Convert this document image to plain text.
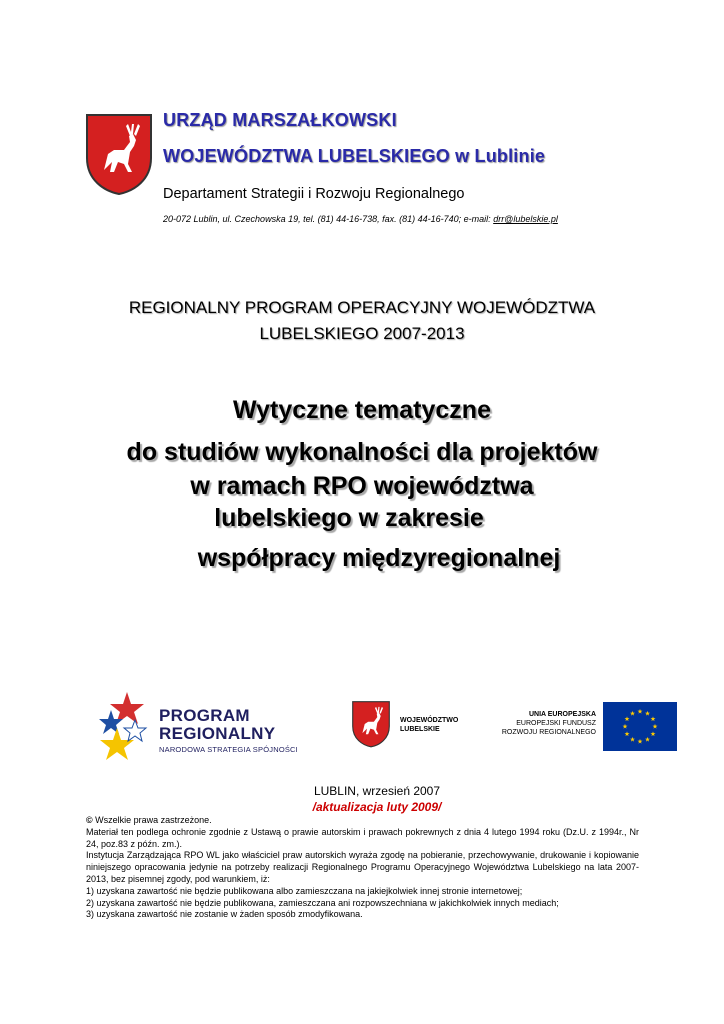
URZĄD MARSZAŁKOWSKI
WOJEWÓDZTWA LUBELSKIEGO w Lublinie
Departament Strategii i Rozwoju Regionalnego
20-072 Lublin, ul. Czechowska 19, tel. (81) 44-16-738, fax. (81) 44-16-740; e-mail: drr@lubelskie.pl
REGIONALNY PROGRAM OPERACYJNY WOJEWÓDZTWA
LUBELSKIEGO 2007-2013
Wytyczne tematyczne
do studiów wykonalności dla projektów
w ramach RPO województwa
lubelskiego w zakresie
współpracy międzyregionalnej
PROGRAM
REGIONALNY
NARODOWA STRATEGIA SPÓJNOŚCI
WOJEWÓDZTWO
LUBELSKIE
UNIA EUROPEJSKA
EUROPEJSKI FUNDUSZ
ROZWOJU REGIONALNEGO
LUBLIN, wrzesień 2007
/aktualizacja luty 2009/

© Wszelkie prawa zastrzeżone.

Materiał ten podlega ochronie zgodnie z Ustawą o prawie autorskim i prawach pokrewnych z dnia 4 lutego 1994 roku (Dz.U. z 1994r., Nr 24, poz.83 z późn. zm.).

Instytucja Zarządzająca RPO WL jako właściciel praw autorskich wyraża zgodę na pobieranie, przechowywanie, drukowanie i kopiowanie niniejszego opracowania jedynie na potrzeby realizacji Regionalnego Programu Operacyjnego Województwa Lubelskiego na lata 2007-2013, bez pisemnej zgody, pod warunkiem, iż:

1) uzyskana zawartość nie będzie publikowana albo zamieszczana na jakiejkolwiek innej stronie internetowej;

2) uzyskana zawartość nie będzie publikowana, zamieszczana ani rozpowszechniana w jakichkolwiek innych mediach;

3) uzyskana zawartość nie zostanie w żaden sposób zmodyfikowana.
